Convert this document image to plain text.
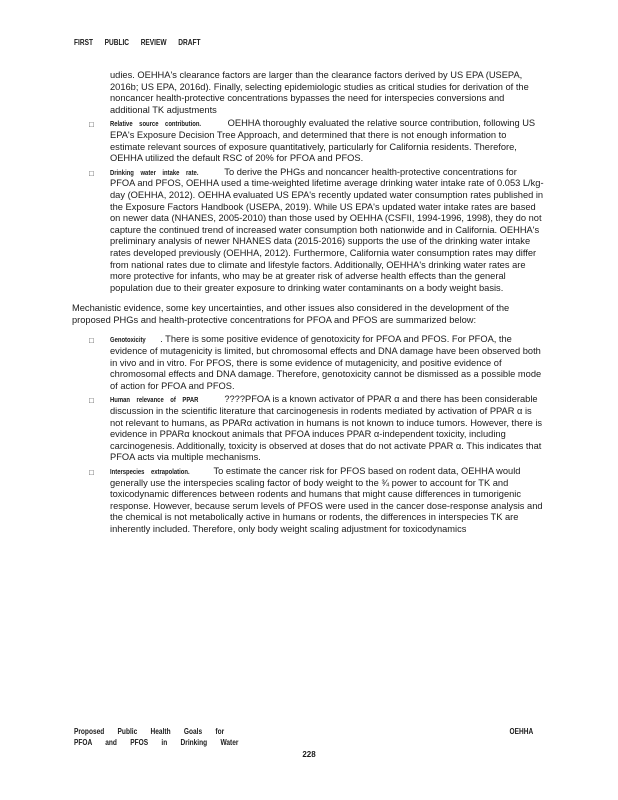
FIRST PUBLIC REVIEW DRAFT

udies. OEHHA's clearance factors are larger than the clearance factors derived by US EPA (USEPA, 2016b; US EPA, 2016d). Finally, selecting epidemiologic studies as critical studies for derivation of the noncancer health-protective concentrations bypasses the need for interspecies conversions and additional TK adjustments

□ Relative source contribution.	OEHHA thoroughly evaluated the relative source contribution, following US EPA's Exposure Decision Tree Approach, and determined that there is not enough information to estimate relevant sources of exposure quantitatively, particularly for California residents. Therefore, OEHHA utilized the default RSC of 20% for PFOA and PFOS.
□ Drinking water intake rate.	To derive the PHGs and noncancer health-protective concentrations for PFOA and PFOS, OEHHA used a time-weighted lifetime average drinking water intake rate of 0.053 L/kg-day (OEHHA, 2012). OEHHA evaluated US EPA's recently updated water consumption rates published in the Exposure Factors Handbook (USEPA, 2019). While US EPA's updated water intake rates are based on newer data (NHANES, 2005-2010) than those used by OEHHA (CSFII, 1994-1996, 1998), they do not capture the continued trend of increased water consumption both nationwide and in California. OEHHA's preliminary analysis of newer NHANES data (2015-2016) supports the use of the drinking water intake rates developed previously (OEHHA, 2012). Furthermore, California water consumption rates may differ from national rates due to climate and lifestyle factors. Additionally, OEHHA's drinking water rates are more protective for infants, who may be at greater risk of adverse health effects than the general population due to their greater exposure to drinking water contaminants on a body weight basis.

Mechanistic evidence, some key uncertainties, and other issues also considered in the development of the proposed PHGs and health-protective concentrations for PFOA and PFOS are summarized below:

□ Genotoxicity . There is some positive evidence of genotoxicity for PFOA and PFOS. For PFOA, the evidence of mutagenicity is limited, but chromosomal effects and DNA damage have been observed both in vivo and in vitro. For PFOS, there is some evidence of mutagenicity, and positive evidence of chromosomal effects and DNA damage. Therefore, genotoxicity cannot be dismissed as a possible mode of action for PFOA and PFOS.
□ Human relevance of PPAR	????PFOA is a known activator of PPAR α and there has been considerable discussion in the scientific literature that carcinogenesis in rodents mediated by activation of PPAR α is not relevant to humans, as PPARα activation in humans is not known to induce tumors. However, there is evidence in PPARα knockout animals that PFOA induces PPAR α-independent toxicity, including carcinogenesis. Additionally, toxicity is observed at doses that do not activate PPAR α. This indicates that PFOA acts via multiple mechanisms.
□ Interspecies extrapolation.	To estimate the cancer risk for PFOS based on rodent data, OEHHA would generally use the interspecies scaling factor of body weight to the ¾ power to account for TK and toxicodynamic differences between rodents and humans that might cause differences in tumorigenic response. However, because serum levels of PFOS were used in the cancer dose-response analysis and the chemical is not metabolically active in humans or rodents, the differences in interspecies TK are inherently included. Therefore, only body weight scaling adjustment for toxicodynamics
Proposed Public Health Goals for
PFOA and PFOS in Drinking Water
OEHHA
228
